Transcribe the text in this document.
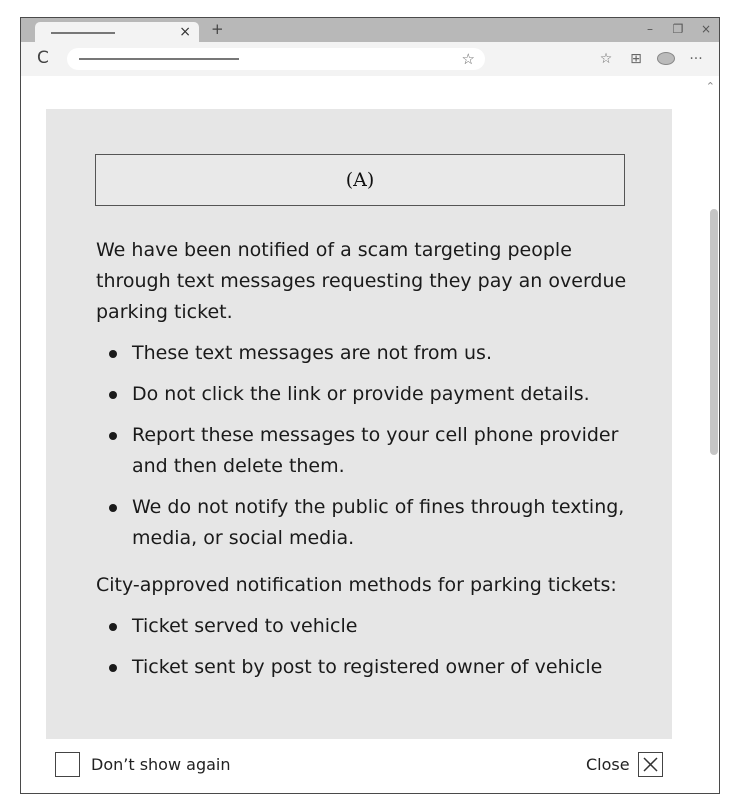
× +	–	❐ ×
C	☆	☆ ⊞	···
⌃
(A)

We have been notified of a scam targeting people through text messages requesting they pay an overdue parking ticket.

These text messages are not from us.
Do not click the link or provide payment details.
Report these messages to your cell phone provider and then delete them.
We do not notify the public of fines through texting, media, or social media.

City-approved notification methods for parking tickets:

Ticket served to vehicle
Ticket sent by post to registered owner of vehicle
Don’t show again	Close
